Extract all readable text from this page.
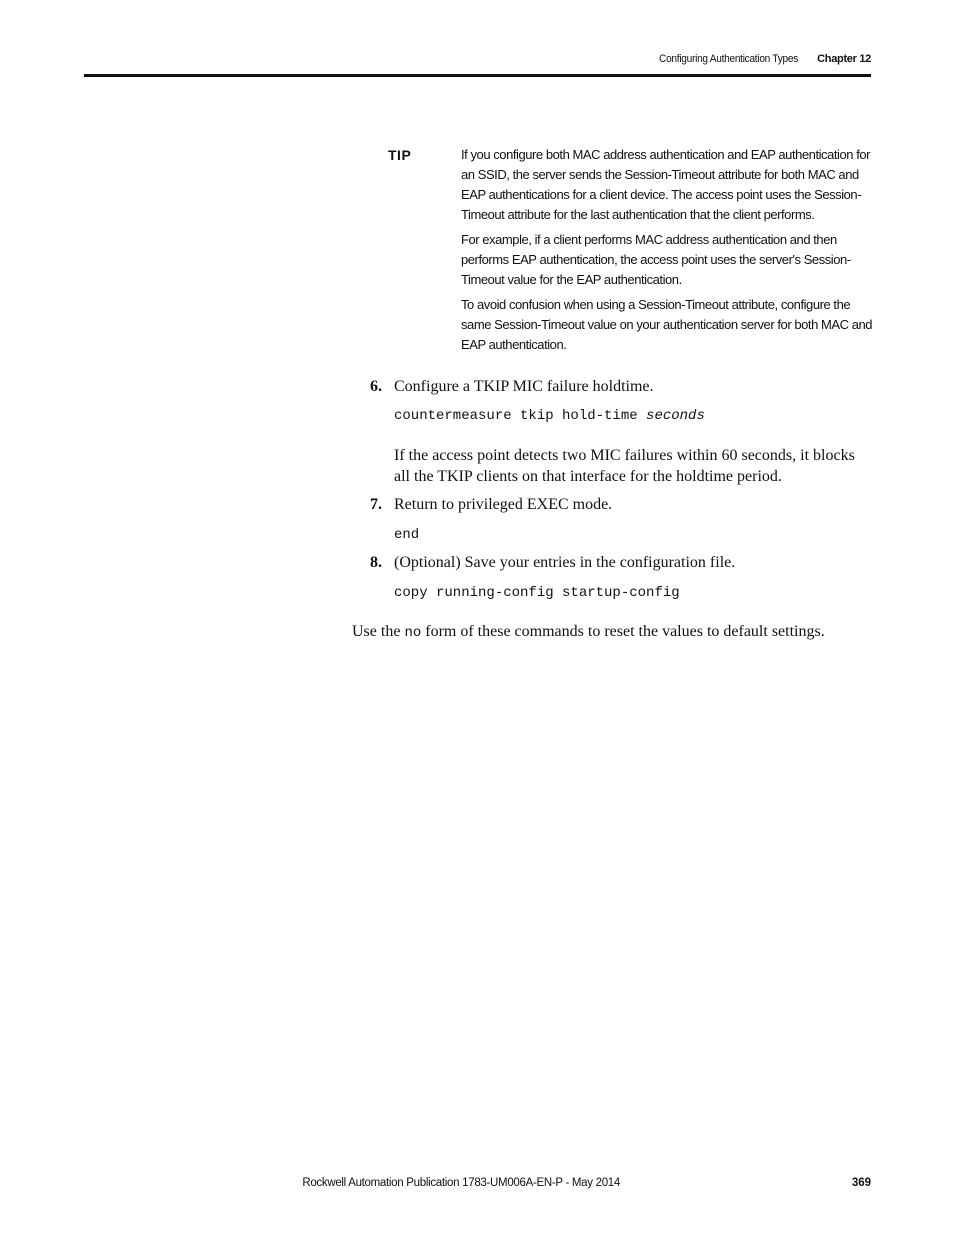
Configuring Authentication Types	Chapter 12
TIP	If you configure both MAC address authentication and EAP authentication for an SSID, the server sends the Session-Timeout attribute for both MAC and EAP authentications for a client device. The access point uses the Session-Timeout attribute for the last authentication that the client performs.

For example, if a client performs MAC address authentication and then performs EAP authentication, the access point uses the server's Session-Timeout value for the EAP authentication.

To avoid confusion when using a Session-Timeout attribute, configure the same Session-Timeout value on your authentication server for both MAC and EAP authentication.

6. Configure a TKIP MIC failure holdtime.
countermeasure tkip hold-time seconds
If the access point detects two MIC failures within 60 seconds, it blocks all the TKIP clients on that interface for the holdtime period.
7. Return to privileged EXEC mode.
end
8. (Optional) Save your entries in the configuration file.
copy running-config startup-config
Use the no form of these commands to reset the values to default settings.
Rockwell Automation Publication 1783-UM006A-EN-P - May 2014	369
